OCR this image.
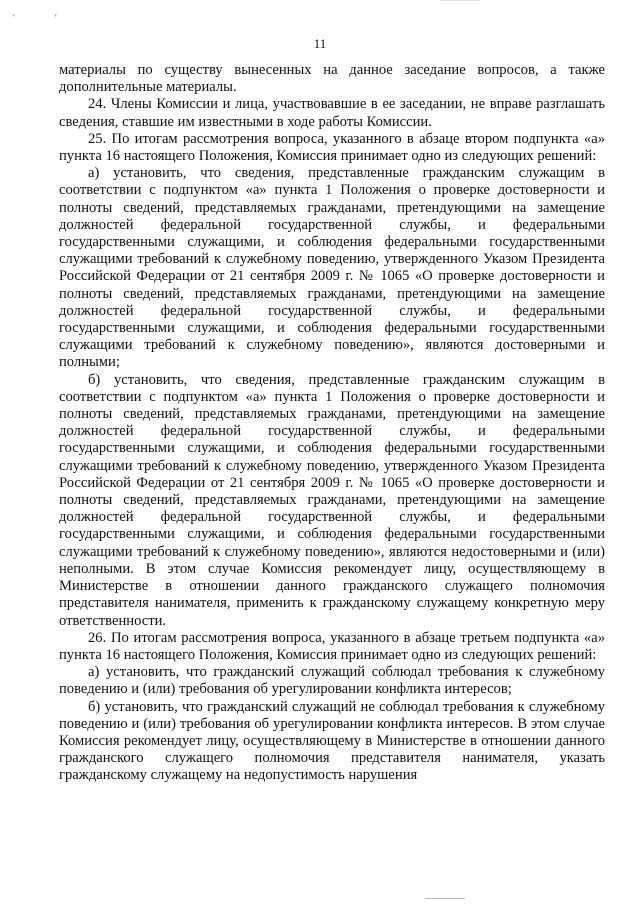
'	'
11

материалы по существу вынесенных на данное заседание вопросов, а также дополнительные материалы.

24. Члены Комиссии и лица, участвовавшие в ее заседании, не вправе разглашать сведения, ставшие им известными в ходе работы Комиссии.

25. По итогам рассмотрения вопроса, указанного в абзаце втором подпункта «а» пункта 16 настоящего Положения, Комиссия принимает одно из следующих решений:

а) установить, что сведения, представленные гражданским служащим в соответствии с подпунктом «а» пункта 1 Положения о проверке достоверности и полноты сведений, представляемых гражданами, претендующими на замещение должностей федеральной государственной службы, и федеральными государственными служащими, и соблюдения федеральными государственными служащими требований к служебному поведению, утвержденного Указом Президента Российской Федерации от 21 сентября 2009 г. № 1065 «О проверке достоверности и полноты сведений, представляемых гражданами, претендующими на замещение должностей федеральной государственной службы, и федеральными государственными служащими, и соблюдения федеральными государственными служащими требований к служебному поведению», являются достоверными и полными;

б) установить, что сведения, представленные гражданским служащим в соответствии с подпунктом «а» пункта 1 Положения о проверке достоверности и полноты сведений, представляемых гражданами, претендующими на замещение должностей федеральной государственной службы, и федеральными государственными служащими, и соблюдения федеральными государственными служащими требований к служебному поведению, утвержденного Указом Президента Российской Федерации от 21 сентября 2009 г. № 1065 «О проверке достоверности и полноты сведений, представляемых гражданами, претендующими на замещение должностей федеральной государственной службы, и федеральными государственными служащими, и соблюдения федеральными государственными служащими требований к служебному поведению», являются недостоверными и (или) неполными. В этом случае Комиссия рекомендует лицу, осуществляющему в Министерстве в отношении данного гражданского служащего полномочия представителя нанимателя, применить к гражданскому служащему конкретную меру ответственности.

26. По итогам рассмотрения вопроса, указанного в абзаце третьем подпункта «а» пункта 16 настоящего Положения, Комиссия принимает одно из следующих решений:

а) установить, что гражданский служащий соблюдал требования к служебному поведению и (или) требования об урегулировании конфликта интересов;

б) установить, что гражданский служащий не соблюдал требования к служебному поведению и (или) требования об урегулировании конфликта интересов. В этом случае Комиссия рекомендует лицу, осуществляющему в Министерстве в отношении данного гражданского служащего полномочия представителя нанимателя, указать гражданскому служащему на недопустимость нарушения
